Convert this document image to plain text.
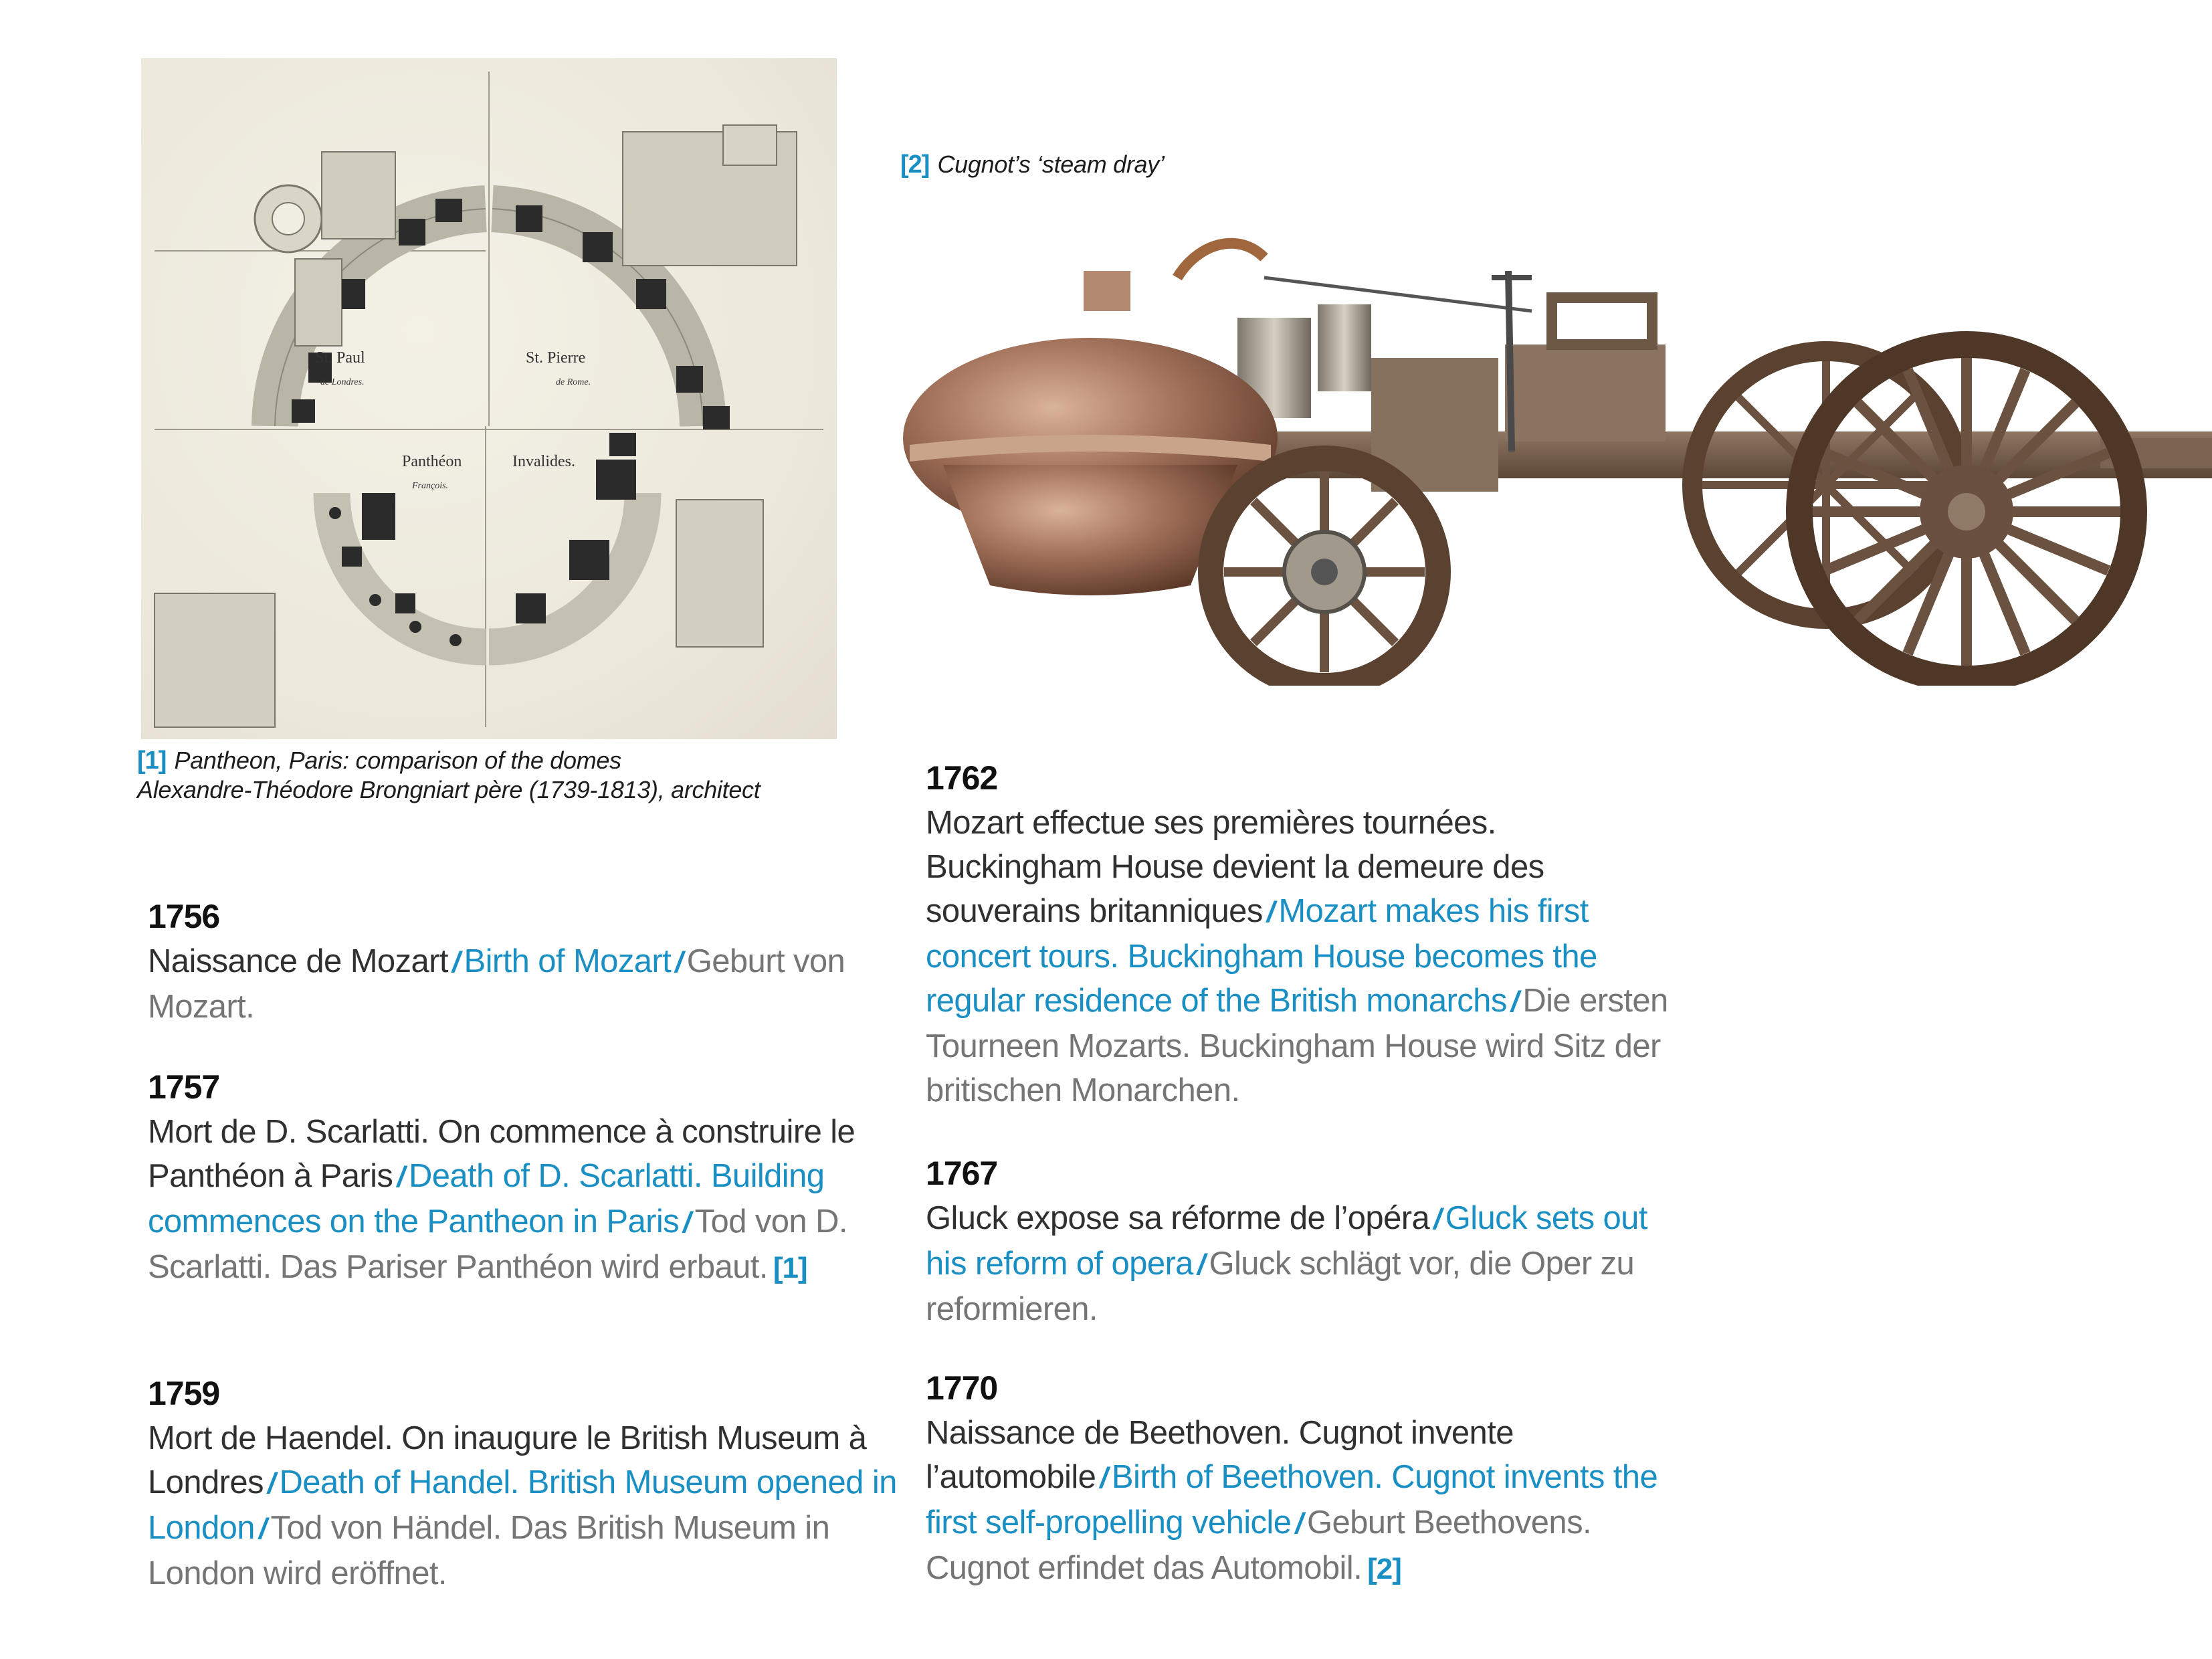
St. Paul
de Londres.
St. Pierre
de Rome.
Panthéon
François.
Invalides.
[1] Pantheon, Paris: comparison of the domes
Alexandre-Théodore Brongniart père (1739-1813), architect
[2] Cugnot’s ‘steam dray’
1756
Naissance de Mozart / Birth of Mozart / Geburt von Mozart.
1757
Mort de D. Scarlatti. On commence à construire le Panthéon à Paris / Death of D. Scarlatti. Building commences on the Pantheon in Paris / Tod von D. Scarlatti. Das Pariser Panthéon wird erbaut. [1]
1759
Mort de Haendel. On inaugure le British Museum à Londres / Death of Handel. British Museum opened in London / Tod von Händel. Das British Museum in London wird eröffnet.
1762
Mozart effectue ses premières tournées. Buckingham House devient la demeure des souverains britanniques / Mozart makes his first concert tours. Buckingham House becomes the regular residence of the British monarchs / Die ersten Tourneen Mozarts. Buckingham House wird Sitz der britischen Monarchen.
1767
Gluck expose sa réforme de l’opéra / Gluck sets out his reform of opera / Gluck schlägt vor, die Oper zu reformieren.
1770
Naissance de Beethoven. Cugnot invente l’automobile / Birth of Beethoven. Cugnot invents the first self-propelling vehicle / Geburt Beethovens. Cugnot erfindet das Automobil. [2]
